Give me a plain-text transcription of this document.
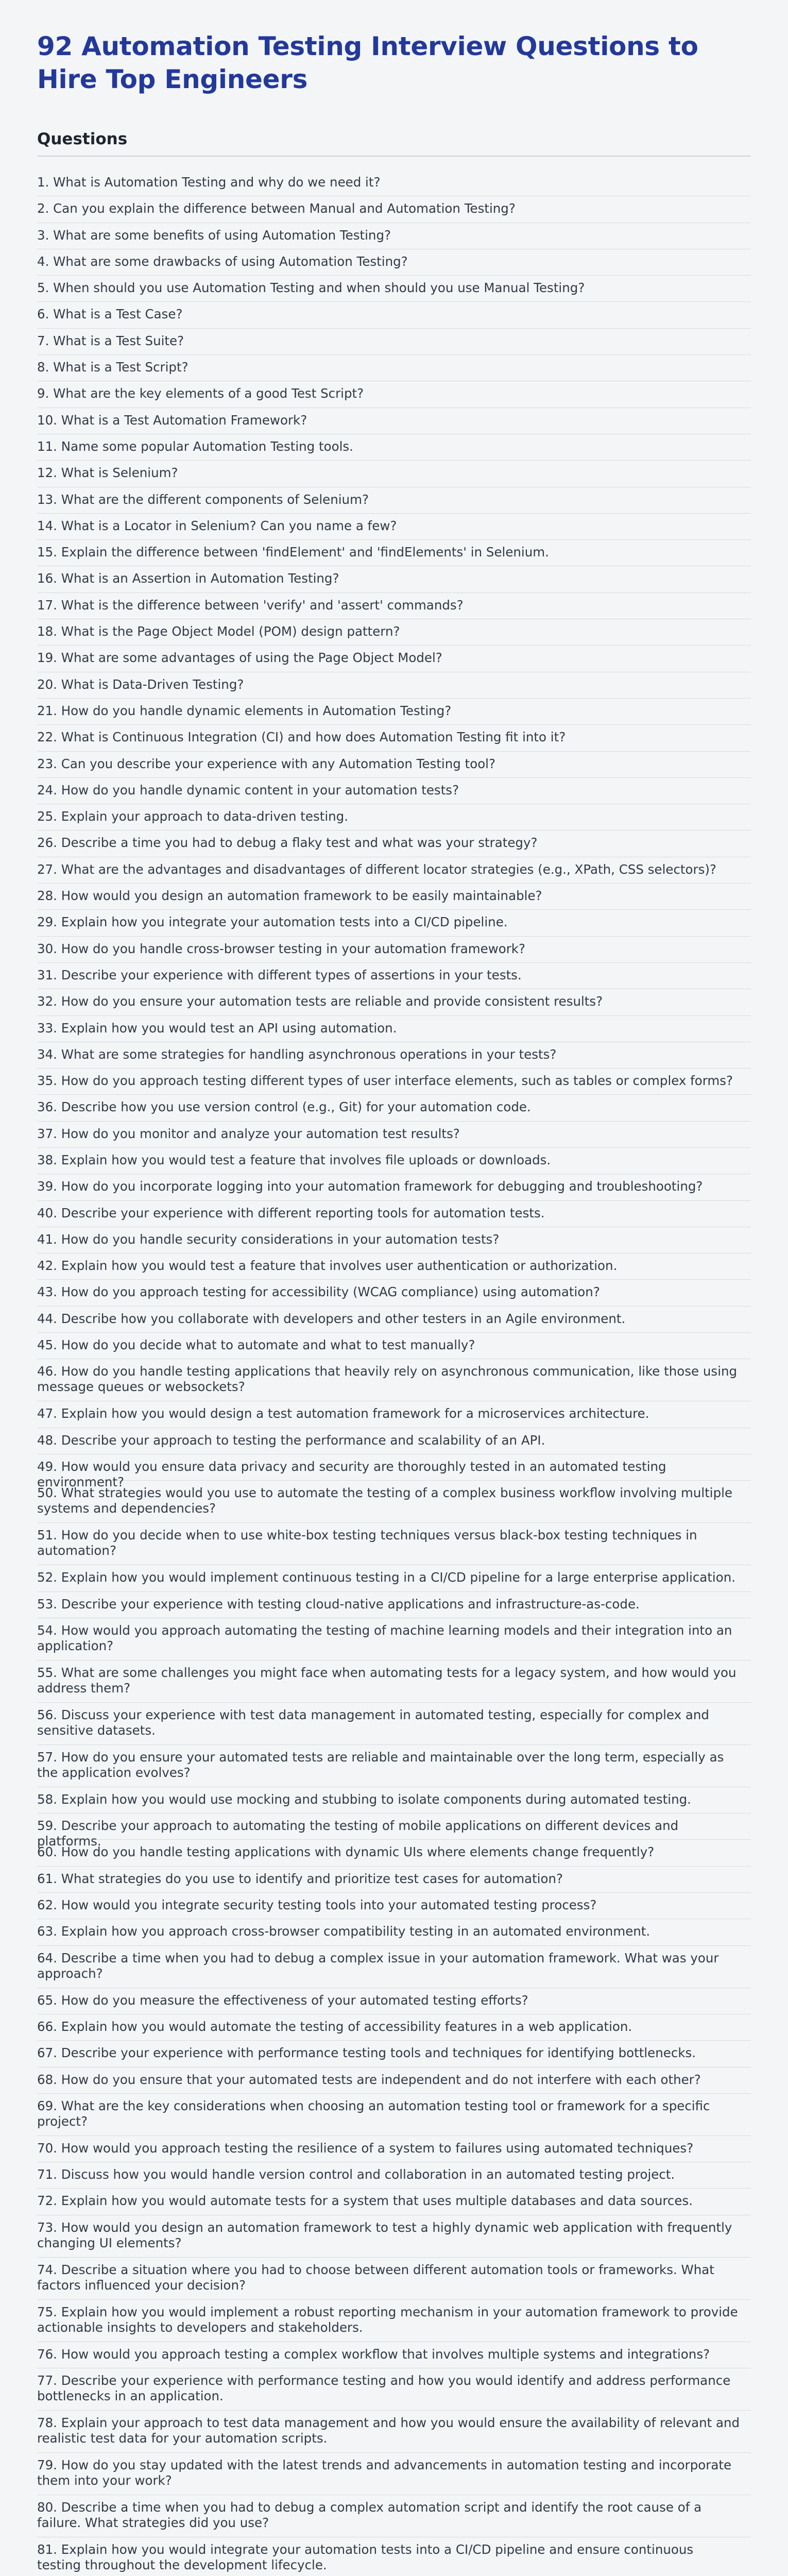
92 Automation Testing Interview Questions to Hire Top Engineers
Questions
1. What is Automation Testing and why do we need it?
2. Can you explain the difference between Manual and Automation Testing?
3. What are some benefits of using Automation Testing?
4. What are some drawbacks of using Automation Testing?
5. When should you use Automation Testing and when should you use Manual Testing?
6. What is a Test Case?
7. What is a Test Suite?
8. What is a Test Script?
9. What are the key elements of a good Test Script?
10. What is a Test Automation Framework?
11. Name some popular Automation Testing tools.
12. What is Selenium?
13. What are the different components of Selenium?
14. What is a Locator in Selenium? Can you name a few?
15. Explain the difference between 'findElement' and 'findElements' in Selenium.
16. What is an Assertion in Automation Testing?
17. What is the difference between 'verify' and 'assert' commands?
18. What is the Page Object Model (POM) design pattern?
19. What are some advantages of using the Page Object Model?
20. What is Data-Driven Testing?
21. How do you handle dynamic elements in Automation Testing?
22. What is Continuous Integration (CI) and how does Automation Testing fit into it?
23. Can you describe your experience with any Automation Testing tool?
24. How do you handle dynamic content in your automation tests?
25. Explain your approach to data-driven testing.
26. Describe a time you had to debug a flaky test and what was your strategy?
27. What are the advantages and disadvantages of different locator strategies (e.g., XPath, CSS selectors)?
28. How would you design an automation framework to be easily maintainable?
29. Explain how you integrate your automation tests into a CI/CD pipeline.
30. How do you handle cross-browser testing in your automation framework?
31. Describe your experience with different types of assertions in your tests.
32. How do you ensure your automation tests are reliable and provide consistent results?
33. Explain how you would test an API using automation.
34. What are some strategies for handling asynchronous operations in your tests?
35. How do you approach testing different types of user interface elements, such as tables or complex forms?
36. Describe how you use version control (e.g., Git) for your automation code.
37. How do you monitor and analyze your automation test results?
38. Explain how you would test a feature that involves file uploads or downloads.
39. How do you incorporate logging into your automation framework for debugging and troubleshooting?
40. Describe your experience with different reporting tools for automation tests.
41. How do you handle security considerations in your automation tests?
42. Explain how you would test a feature that involves user authentication or authorization.
43. How do you approach testing for accessibility (WCAG compliance) using automation?
44. Describe how you collaborate with developers and other testers in an Agile environment.
45. How do you decide what to automate and what to test manually?
46. How do you handle testing applications that heavily rely on asynchronous communication, like those using message queues or websockets?
47. Explain how you would design a test automation framework for a microservices architecture.
48. Describe your approach to testing the performance and scalability of an API.
49. How would you ensure data privacy and security are thoroughly tested in an automated testing environment?
50. What strategies would you use to automate the testing of a complex business workflow involving multiple systems and dependencies?
51. How do you decide when to use white-box testing techniques versus black-box testing techniques in automation?
52. Explain how you would implement continuous testing in a CI/CD pipeline for a large enterprise application.
53. Describe your experience with testing cloud-native applications and infrastructure-as-code.
54. How would you approach automating the testing of machine learning models and their integration into an application?
55. What are some challenges you might face when automating tests for a legacy system, and how would you address them?
56. Discuss your experience with test data management in automated testing, especially for complex and sensitive datasets.
57. How do you ensure your automated tests are reliable and maintainable over the long term, especially as the application evolves?
58. Explain how you would use mocking and stubbing to isolate components during automated testing.
59. Describe your approach to automating the testing of mobile applications on different devices and platforms.
60. How do you handle testing applications with dynamic UIs where elements change frequently?
61. What strategies do you use to identify and prioritize test cases for automation?
62. How would you integrate security testing tools into your automated testing process?
63. Explain how you approach cross-browser compatibility testing in an automated environment.
64. Describe a time when you had to debug a complex issue in your automation framework. What was your approach?
65. How do you measure the effectiveness of your automated testing efforts?
66. Explain how you would automate the testing of accessibility features in a web application.
67. Describe your experience with performance testing tools and techniques for identifying bottlenecks.
68. How do you ensure that your automated tests are independent and do not interfere with each other?
69. What are the key considerations when choosing an automation testing tool or framework for a specific project?
70. How would you approach testing the resilience of a system to failures using automated techniques?
71. Discuss how you would handle version control and collaboration in an automated testing project.
72. Explain how you would automate tests for a system that uses multiple databases and data sources.
73. How would you design an automation framework to test a highly dynamic web application with frequently changing UI elements?
74. Describe a situation where you had to choose between different automation tools or frameworks. What factors influenced your decision?
75. Explain how you would implement a robust reporting mechanism in your automation framework to provide actionable insights to developers and stakeholders.
76. How would you approach testing a complex workflow that involves multiple systems and integrations?
77. Describe your experience with performance testing and how you would identify and address performance bottlenecks in an application.
78. Explain your approach to test data management and how you would ensure the availability of relevant and realistic test data for your automation scripts.
79. How do you stay updated with the latest trends and advancements in automation testing and incorporate them into your work?
80. Describe a time when you had to debug a complex automation script and identify the root cause of a failure. What strategies did you use?
81. Explain how you would integrate your automation tests into a CI/CD pipeline and ensure continuous testing throughout the development lifecycle.
